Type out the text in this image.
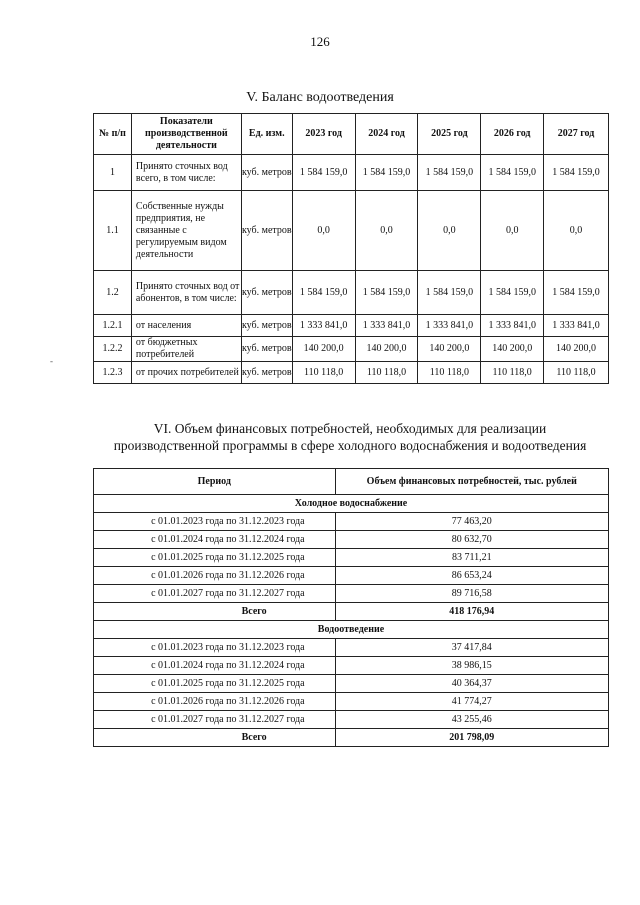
126
V. Баланс водоотведения
№ п/п	Показатели производственной деятельности	Ед. изм.	2023 год	2024 год	2025 год	2026 год	2027 год
1	Принято сточных вод всего, в том числе:	куб. метров	1 584 159,0	1 584 159,0	1 584 159,0	1 584 159,0	1 584 159,0
1.1	Собственные нужды предприятия, не связанные с регулируемым видом деятельности	куб. метров	0,0	0,0	0,0	0,0	0,0
1.2	Принято сточных вод от абонентов, в том числе:	куб. метров	1 584 159,0	1 584 159,0	1 584 159,0	1 584 159,0	1 584 159,0
1.2.1	от населения	куб. метров	1 333 841,0	1 333 841,0	1 333 841,0	1 333 841,0	1 333 841,0
1.2.2	от бюджетных потребителей	куб. метров	140 200,0	140 200,0	140 200,0	140 200,0	140 200,0
1.2.3	от прочих потребителей	куб. метров	110 118,0	110 118,0	110 118,0	110 118,0	110 118,0
‐
VI. Объем финансовых потребностей, необходимых для реализации
производственной программы в сфере холодного водоснабжения и водоотведения
Период	Объем финансовых потребностей, тыс. рублей
Холодное водоснабжение	
с 01.01.2023 года по 31.12.2023 года	77 463,20
с 01.01.2024 года по 31.12.2024 года	80 632,70
с 01.01.2025 года по 31.12.2025 года	83 711,21
с 01.01.2026 года по 31.12.2026 года	86 653,24
с 01.01.2027 года по 31.12.2027 года	89 716,58
Всего	418 176,94
Водоотведение	
с 01.01.2023 года по 31.12.2023 года	37 417,84
с 01.01.2024 года по 31.12.2024 года	38 986,15
с 01.01.2025 года по 31.12.2025 года	40 364,37
с 01.01.2026 года по 31.12.2026 года	41 774,27
с 01.01.2027 года по 31.12.2027 года	43 255,46
Всего	201 798,09
